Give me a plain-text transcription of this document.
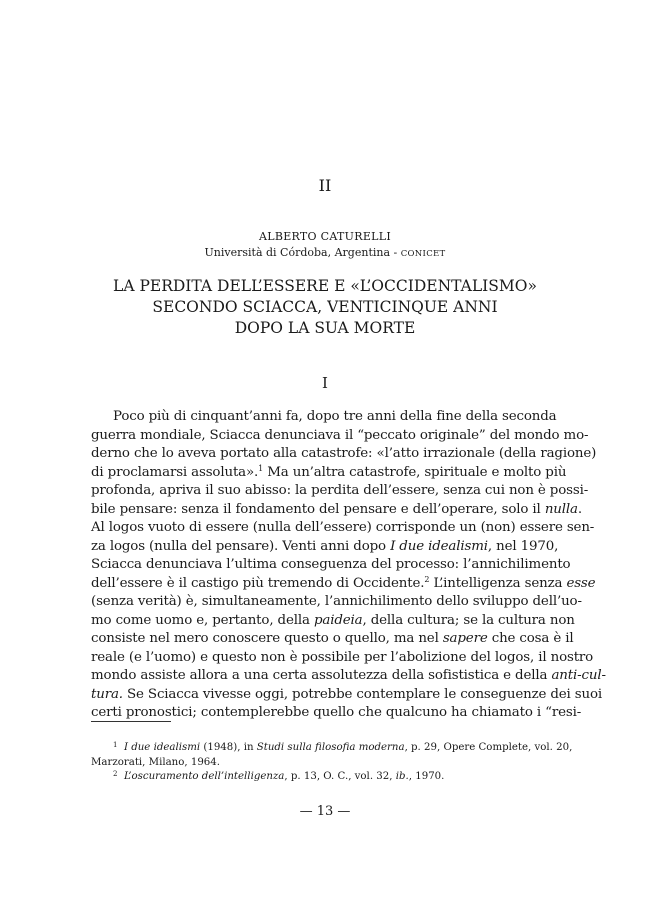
II
ALBERTO CATURELLI
Università di Córdoba, Argentina - CONICET
LA PERDITA DELL’ESSERE E «L’OCCIDENTALISMO»
SECONDO SCIACCA, VENTICINQUE ANNI
DOPO LA SUA MORTE
I
Poco più di cinquant’anni fa, dopo tre anni della fine della seconda
guerra mondiale, Sciacca denunciava il “peccato originale” del mondo mo-
derno che lo aveva portato alla catastrofe: «l’atto irrazionale (della ragione)
di proclamarsi assoluta».$^1$ Ma un’altra catastrofe, spirituale e molto più
profonda, apriva il suo abisso: la perdita dell’essere, senza cui non è possi-
bile pensare: senza il fondamento del pensare e dell’operare, solo il nulla.
Al logos vuoto di essere (nulla dell’essere) corrisponde un (non) essere sen-
za logos (nulla del pensare). Venti anni dopo I due idealismi, nel 1970,
Sciacca denunciava l’ultima conseguenza del processo: l’annichilimento
dell’essere è il castigo più tremendo di Occidente.$^2$ L’intelligenza senza esse
(senza verità) è, simultaneamente, l’annichilimento dello sviluppo dell’uo-
mo come uomo e, pertanto, della paideia, della cultura; se la cultura non
consiste nel mero conoscere questo o quello, ma nel sapere che cosa è il
reale (e l’uomo) e questo non è possibile per l’abolizione del logos, il nostro
mondo assiste allora a una certa assolutezza della sofististica e della anti-cul-
tura. Se Sciacca vivesse oggi, potrebbe contemplare le conseguenze dei suoi
certi pronostici; contemplerebbe quello che qualcuno ha chiamato i “resi-
$^1$ I due idealismi (1948), in Studi sulla filosofia moderna, p. 29, Opere Complete, vol. 20,
Marzorati, Milano, 1964.
$^2$ L’oscuramento dell’intelligenza, p. 13, O. C., vol. 32, ib., 1970.
— 13 —
